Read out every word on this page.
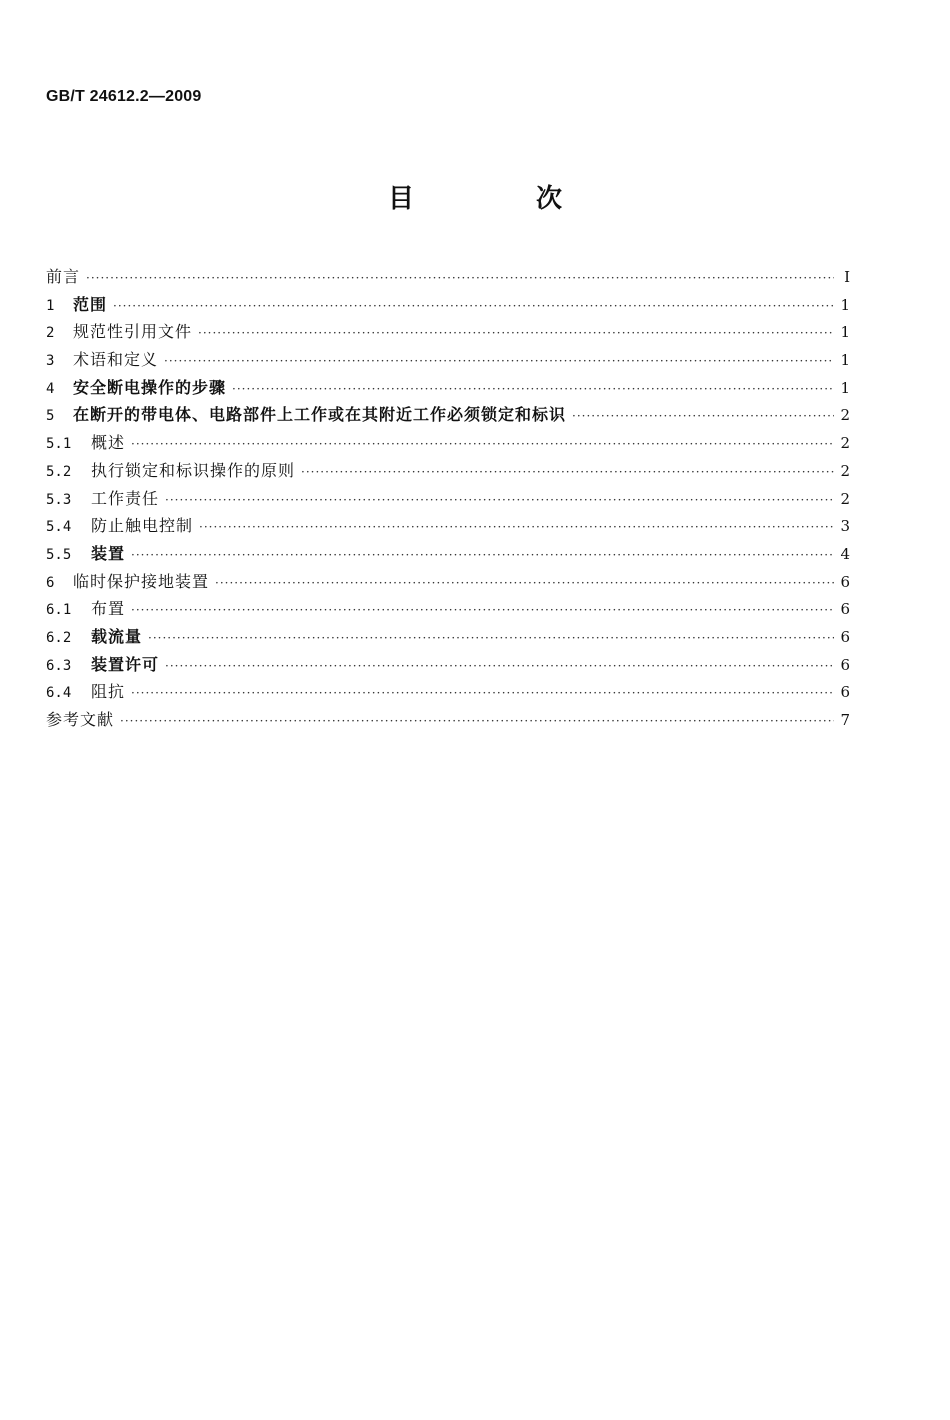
GB/T 24612.2—2009
目　次
前言 ·····	Ⅰ
1	范围 ·····	1
2	规范性引用文件 ·····	1
3	术语和定义 ·····	1
4	安全断电操作的步骤 ·····	1
5	在断开的带电体、电路部件上工作或在其附近工作必须锁定和标识 ·····	2
5.1	概述 ·····	2
5.2	执行锁定和标识操作的原则 ·····	2
5.3	工作责任 ·····	2
5.4	防止触电控制 ·····	3
5.5	装置 ·····	4
6	临时保护接地装置 ·····	6
6.1	布置 ·····	6
6.2	载流量 ·····	6
6.3	装置许可 ·····	6
6.4	阻抗 ·····	6
参考文献 ·····	7
